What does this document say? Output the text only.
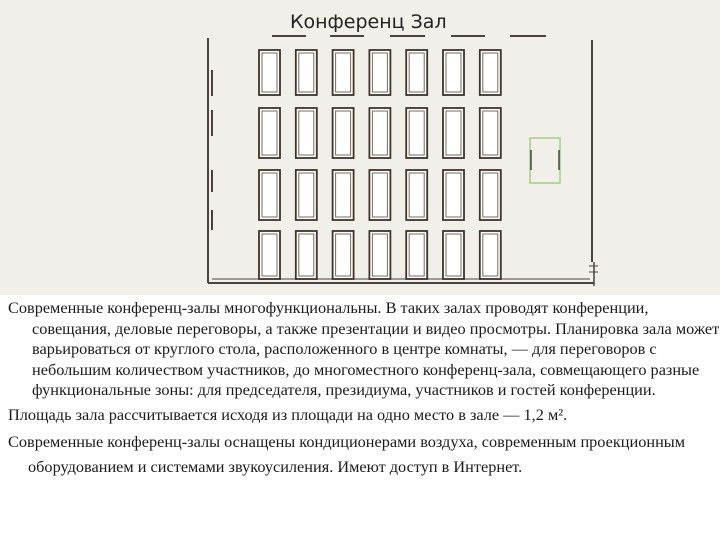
Конференц Зал

Современные конференц-залы многофункциональны. В таких залах проводят конференции, совещания, деловые переговоры, а также презентации и видео просмотры. Планировка зала может варьироваться от круглого стола, расположенного в центре комнаты, — для переговоров с небольшим количеством участников, до многоместного конференц-зала, совмещающего разные функциональные зоны: для председателя, президиума, участников и гостей конференции.

Площадь зала рассчитывается исходя из площади на одно место в зале — 1,2 м².

Современные конференц-залы оснащены кондиционерами воздуха, современным проекционным оборудованием и системами звукоусиления. Имеют доступ в Интернет.
